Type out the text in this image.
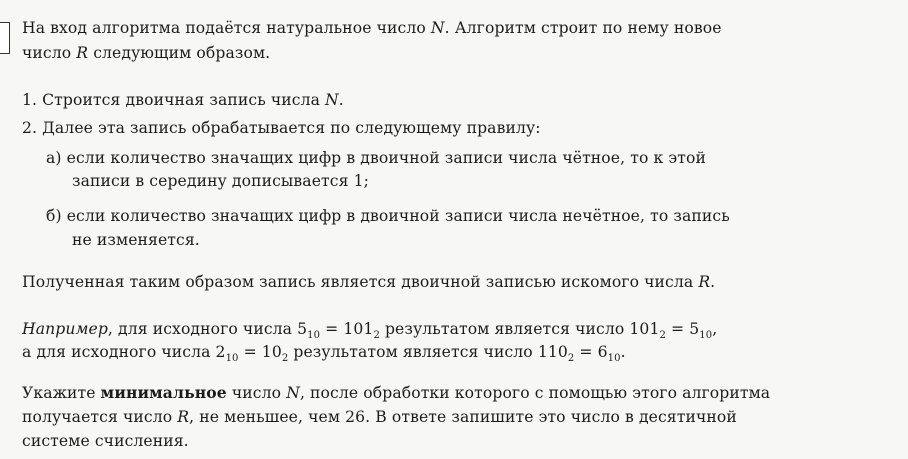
На вход алгоритма подаётся натуральное число N. Алгоритм строит по нему новое
число R следующим образом.
1. Строится двоичная запись числа N.
2. Далее эта запись обрабатывается по следующему правилу:
а) если количество значащих цифр в двоичной записи числа чётное, то к этой
записи в середину дописывается 1;
б) если количество значащих цифр в двоичной записи числа нечётное, то запись
не изменяется.
Полученная таким образом запись является двоичной записью искомого числа R.
Например, для исходного числа $5_{10} = 101_2$ результатом является число $101_2 = 5_{10}$,
а для исходного числа $2_{10} = 10_2$ результатом является число $110_2 = 6_{10}$.
Укажите минимальное число N, после обработки которого с помощью этого алгоритма
получается число R, не меньшее, чем 26. В ответе запишите это число в десятичной
системе счисления.
